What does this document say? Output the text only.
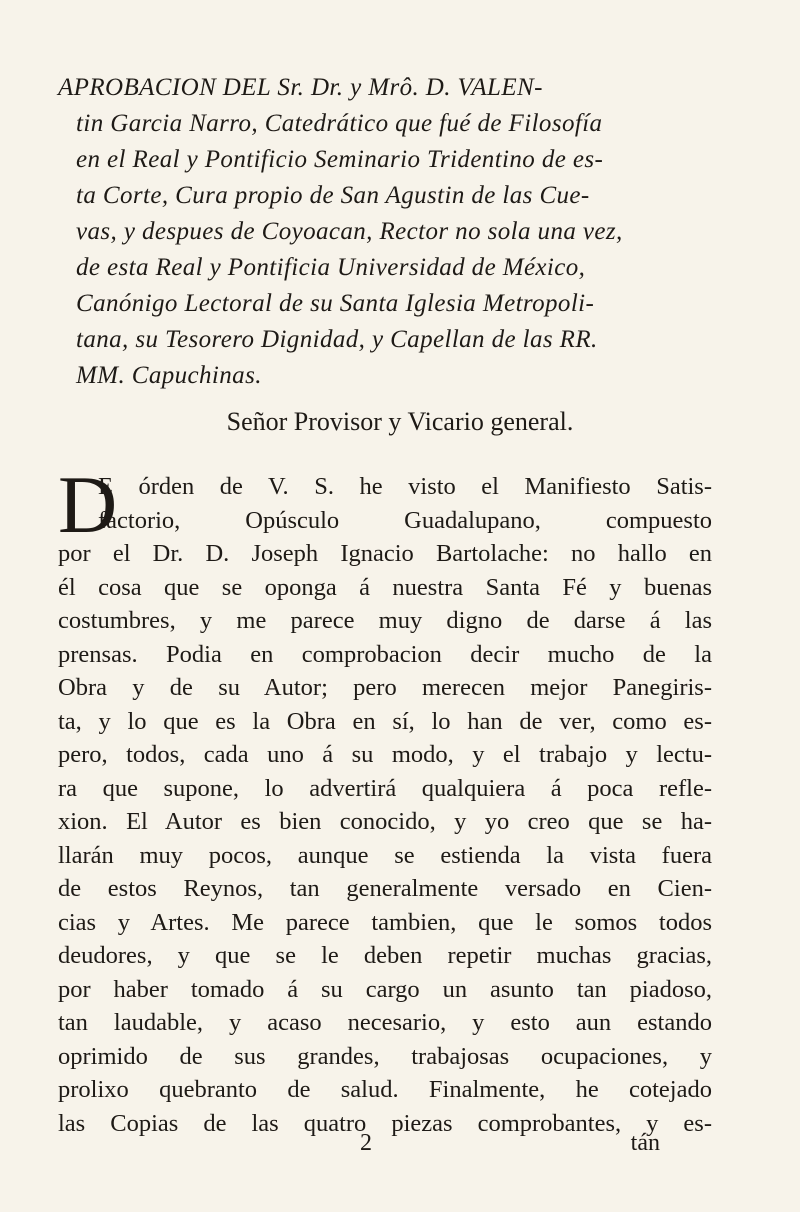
APROBACION DEL Sr. Dr. y Mrô. D. VALEN-
tin Garcia Narro, Catedrático que fué de Filosofía
en el Real y Pontificio Seminario Tridentino de es-
ta Corte, Cura propio de San Agustin de las Cue-
vas, y despues de Coyoacan, Rector no sola una vez,
de esta Real y Pontificia Universidad de México,
Canónigo Lectoral de su Santa Iglesia Metropoli-
tana, su Tesorero Dignidad, y Capellan de las RR.
MM. Capuchinas.
Señor Provisor y Vicario general.
D
E órden de V. S. he visto el Manifiesto Satis-
factorio, Opúsculo Guadalupano, compuesto
por el Dr. D. Joseph Ignacio Bartolache: no hallo en
él cosa que se oponga á nuestra Santa Fé y buenas
costumbres, y me parece muy digno de darse á las
prensas. Podia en comprobacion decir mucho de la
Obra y de su Autor; pero merecen mejor Panegiris-
ta, y lo que es la Obra en sí, lo han de ver, como es-
pero, todos, cada uno á su modo, y el trabajo y lectu-
ra que supone, lo advertirá qualquiera á poca refle-
xion. El Autor es bien conocido, y yo creo que se ha-
llarán muy pocos, aunque se estienda la vista fuera
de estos Reynos, tan generalmente versado en Cien-
cias y Artes. Me parece tambien, que le somos todos
deudores, y que se le deben repetir muchas gracias,
por haber tomado á su cargo un asunto tan piadoso,
tan laudable, y acaso necesario, y esto aun estando
oprimido de sus grandes, trabajosas ocupaciones, y
prolixo quebranto de salud. Finalmente, he cotejado
las Copias de las quatro piezas comprobantes, y es-
2	tán
